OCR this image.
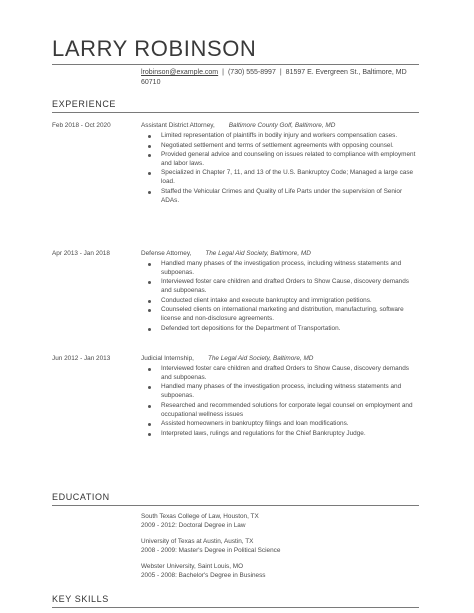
LARRY ROBINSON
lrobinson@example.com | (730) 555-8997 | 81597 E. Evergreen St., Baltimore, MD
60710
EXPERIENCE
Feb 2018 - Oct 2020	Assistant District Attorney, Baltimore County Golf, Baltimore, MD
Limited representation of plaintiffs in bodily injury and workers compensation cases.
Negotiated settlement and terms of settlement agreements with opposing counsel.
Provided general advice and counseling on issues related to compliance with employment and labor laws.
Specialized in Chapter 7, 11, and 13 of the U.S. Bankruptcy Code; Managed a large case load.
Staffed the Vehicular Crimes and Quality of Life Parts under the supervision of Senior ADAs.
Apr 2013 - Jan 2018	Defense Attorney, The Legal Aid Society, Baltimore, MD
Handled many phases of the investigation process, including witness statements and subpoenas.
Interviewed foster care children and drafted Orders to Show Cause, discovery demands and subpoenas.
Conducted client intake and execute bankruptcy and immigration petitions.
Counseled clients on international marketing and distribution, manufacturing, software license and non-disclosure agreements.
Defended tort depositions for the Department of Transportation.
Jun 2012 - Jan 2013	Judicial Internship, The Legal Aid Society, Baltimore, MD
Interviewed foster care children and drafted Orders to Show Cause, discovery demands and subpoenas.
Handled many phases of the investigation process, including witness statements and subpoenas.
Researched and recommended solutions for corporate legal counsel on employment and occupational wellness issues
Assisted homeowners in bankruptcy filings and loan modifications.
Interpreted laws, rulings and regulations for the Chief Bankruptcy Judge.
EDUCATION
South Texas College of Law, Houston, TX
2009 - 2012: Doctoral Degree in Law
University of Texas at Austin, Austin, TX
2008 - 2009: Master's Degree in Political Science
Webster University, Saint Louis, MO
2005 - 2008: Bachelor's Degree in Business
KEY SKILLS
